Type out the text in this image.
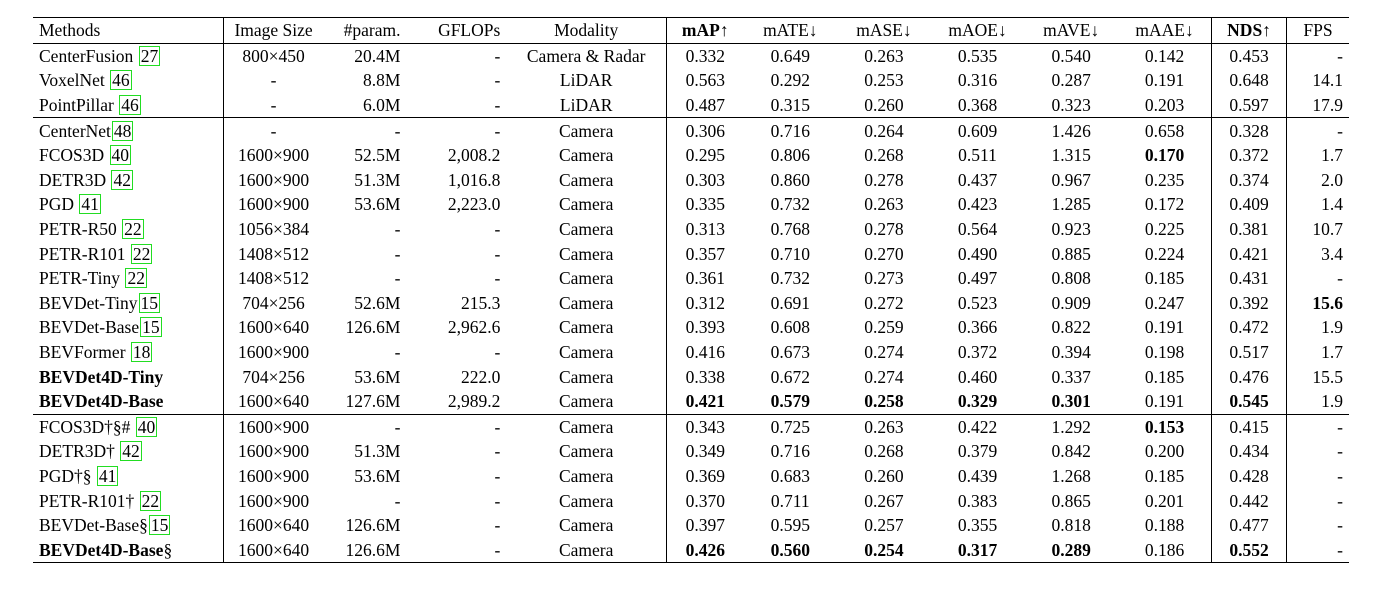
Methods	Image Size	#param.	GFLOPs	Modality	mAP↑	mATE↓	mASE↓	mAOE↓	mAVE↓	mAAE↓	NDS↑	FPS
CenterFusion 27	800×450	20.4M	-	Camera & Radar	0.332	0.649	0.263	0.535	0.540	0.142	0.453	-
VoxelNet 46	-	8.8M	-	LiDAR	0.563	0.292	0.253	0.316	0.287	0.191	0.648	14.1
PointPillar 46	-	6.0M	-	LiDAR	0.487	0.315	0.260	0.368	0.323	0.203	0.597	17.9
CenterNet 48	-	-	-	Camera	0.306	0.716	0.264	0.609	1.426	0.658	0.328	-
FCOS3D 40	1600×900	52.5M	2,008.2	Camera	0.295	0.806	0.268	0.511	1.315	0.170	0.372	1.7
DETR3D 42	1600×900	51.3M	1,016.8	Camera	0.303	0.860	0.278	0.437	0.967	0.235	0.374	2.0
PGD 41	1600×900	53.6M	2,223.0	Camera	0.335	0.732	0.263	0.423	1.285	0.172	0.409	1.4
PETR-R50 22	1056×384	-	-	Camera	0.313	0.768	0.278	0.564	0.923	0.225	0.381	10.7
PETR-R101 22	1408×512	-	-	Camera	0.357	0.710	0.270	0.490	0.885	0.224	0.421	3.4
PETR-Tiny 22	1408×512	-	-	Camera	0.361	0.732	0.273	0.497	0.808	0.185	0.431	-
BEVDet-Tiny 15	704×256	52.6M	215.3	Camera	0.312	0.691	0.272	0.523	0.909	0.247	0.392	15.6
BEVDet-Base 15	1600×640	126.6M	2,962.6	Camera	0.393	0.608	0.259	0.366	0.822	0.191	0.472	1.9
BEVFormer 18	1600×900	-	-	Camera	0.416	0.673	0.274	0.372	0.394	0.198	0.517	1.7
BEVDet4D-Tiny	704×256	53.6M	222.0	Camera	0.338	0.672	0.274	0.460	0.337	0.185	0.476	15.5
BEVDet4D-Base	1600×640	127.6M	2,989.2	Camera	0.421	0.579	0.258	0.329	0.301	0.191	0.545	1.9
FCOS3D†§# 40	1600×900	-	-	Camera	0.343	0.725	0.263	0.422	1.292	0.153	0.415	-
DETR3D† 42	1600×900	51.3M	-	Camera	0.349	0.716	0.268	0.379	0.842	0.200	0.434	-
PGD†§ 41	1600×900	53.6M	-	Camera	0.369	0.683	0.260	0.439	1.268	0.185	0.428	-
PETR-R101† 22	1600×900	-	-	Camera	0.370	0.711	0.267	0.383	0.865	0.201	0.442	-
BEVDet-Base§ 15	1600×640	126.6M	-	Camera	0.397	0.595	0.257	0.355	0.818	0.188	0.477	-
BEVDet4D-Base§	1600×640	126.6M	-	Camera	0.426	0.560	0.254	0.317	0.289	0.186	0.552	-
